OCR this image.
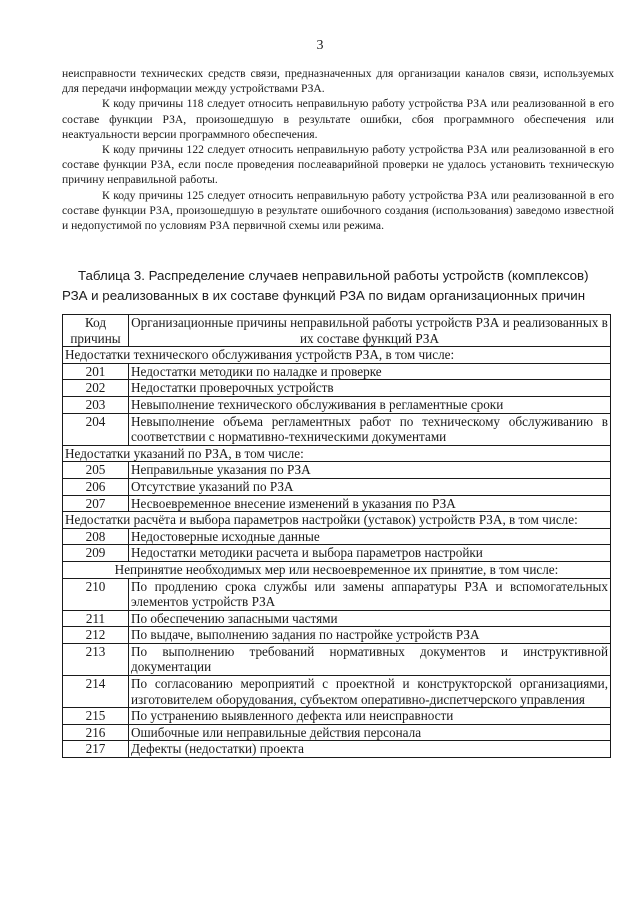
3

неисправности технических средств связи, предназначенных для организации каналов связи, используемых для передачи информации между устройствами РЗА.

К коду причины 118 следует относить неправильную работу устройства РЗА или реализованной в его составе функции РЗА, произошедшую в результате ошибки, сбоя программного обеспечения или неактуальности версии программного обеспечения.

К коду причины 122 следует относить неправильную работу устройства РЗА или реализованной в его составе функции РЗА, если после проведения послеаварийной проверки не удалось установить техническую причину неправильной работы.

К коду причины 125 следует относить неправильную работу устройства РЗА или реализованной в его составе функции РЗА, произошедшую в результате ошибочного создания (использования) заведомо известной и недопустимой по условиям РЗА первичной схемы или режима.

Таблица 3. Распределение случаев неправильной работы устройств (комплексов)

РЗА и реализованных в их составе функций РЗА по видам организационных причин

Код причины	Организационные причины неправильной работы устройств РЗА и реализованных в их составе функций РЗА
Недостатки технического обслуживания устройств РЗА, в том числе:	
201	Недостатки методики по наладке и проверке
202	Недостатки проверочных устройств
203	Невыполнение технического обслуживания в регламентные сроки
204	Невыполнение объема регламентных работ по техническому обслуживанию в соответствии с нормативно-техническими документами
Недостатки указаний по РЗА, в том числе:	
205	Неправильные указания по РЗА
206	Отсутствие указаний по РЗА
207	Несвоевременное внесение изменений в указания по РЗА
Недостатки расчёта и выбора параметров настройки (уставок) устройств РЗА, в том числе:	
208	Недостоверные исходные данные
209	Недостатки методики расчета и выбора параметров настройки
Непринятие необходимых мер или несвоевременное их принятие, в том числе:	
210	По продлению срока службы или замены аппаратуры РЗА и вспомогательных элементов устройств РЗА
211	По обеспечению запасными частями
212	По выдаче, выполнению задания по настройке устройств РЗА
213	По выполнению требований нормативных документов и инструктивной документации
214	По согласованию мероприятий с проектной и конструкторской организациями, изготовителем оборудования, субъектом оперативно-диспетчерского управления
215	По устранению выявленного дефекта или неисправности
216	Ошибочные или неправильные действия персонала
217	Дефекты (недостатки) проекта
